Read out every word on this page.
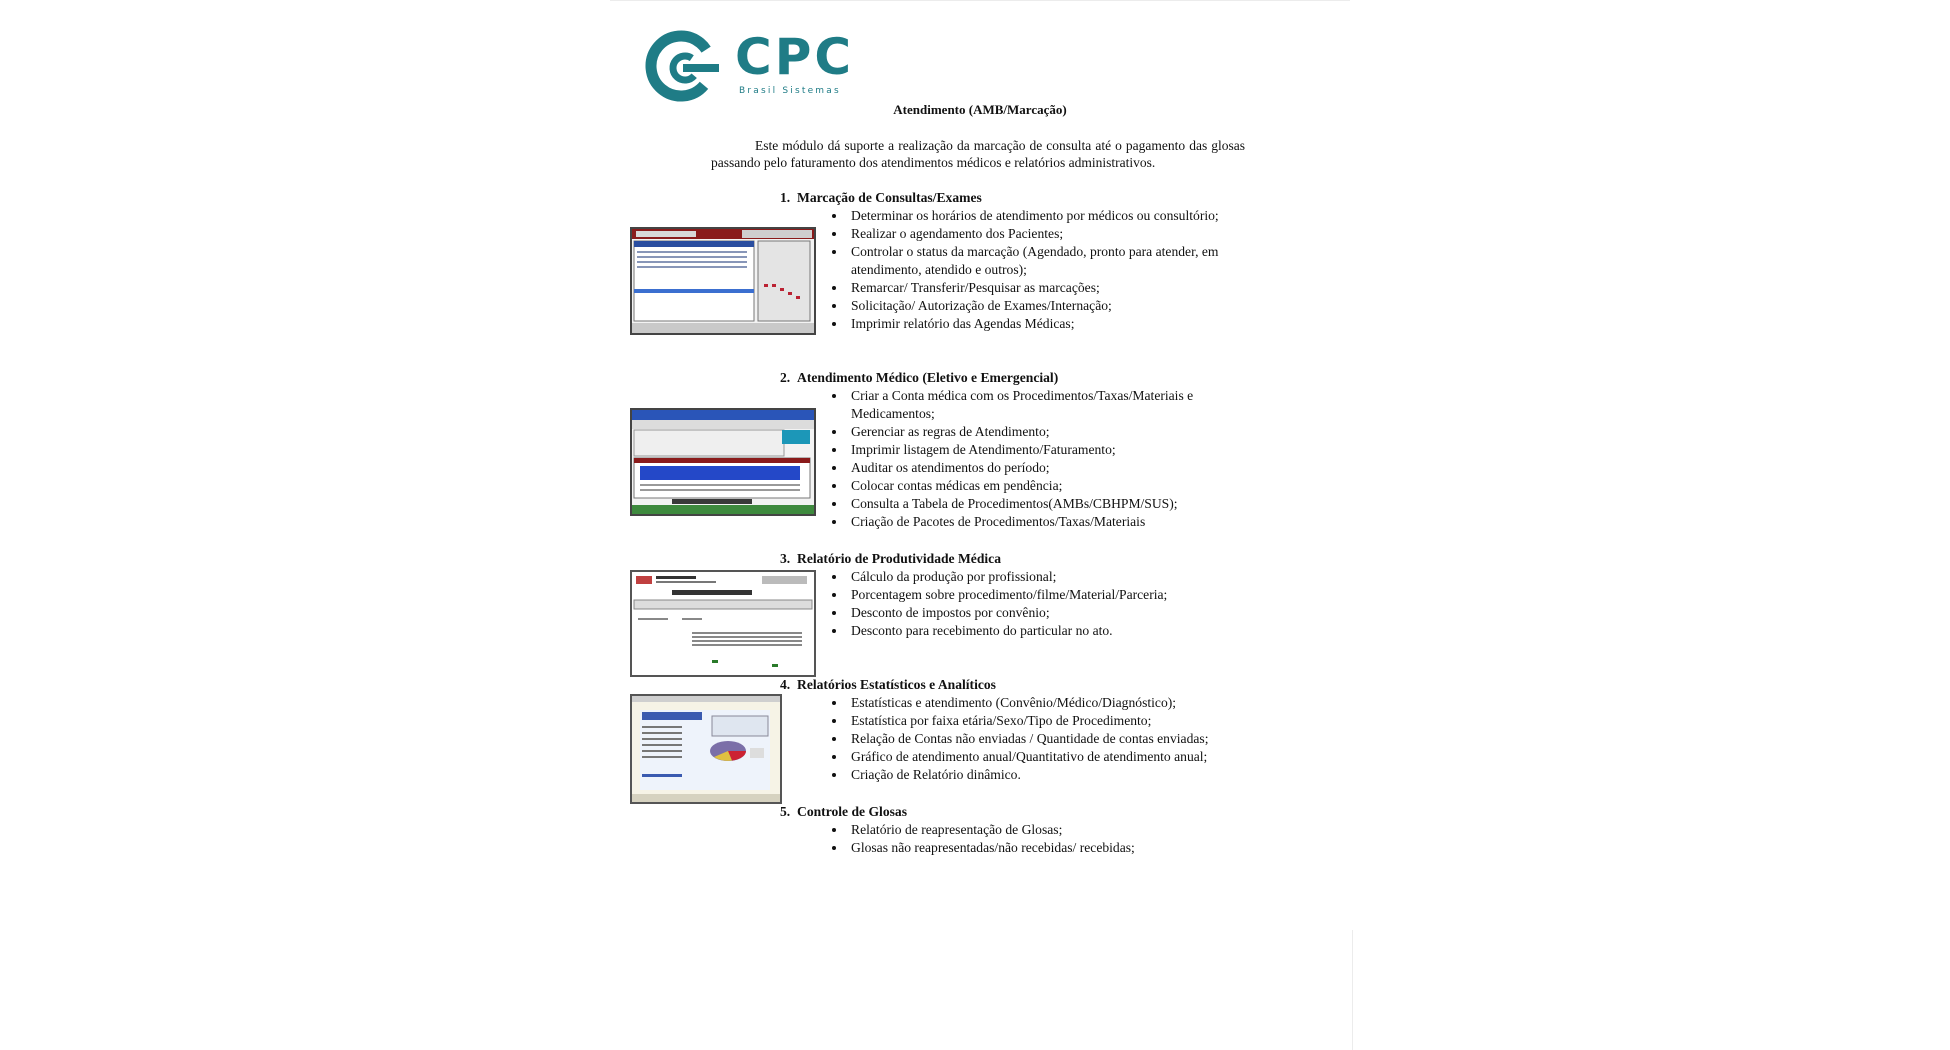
CPC
Brasil Sistemas
Atendimento (AMB/Marcação)
Este módulo dá suporte a realização da marcação de consulta até o pagamento das glosas passando pelo faturamento dos atendimentos médicos e relatórios administrativos.
1. Marcação de Consultas/Exames
• Determinar os horários de atendimento por médicos ou consultório;
• Realizar o agendamento dos Pacientes;
• Controlar o status da marcação (Agendado, pronto para atender, em atendimento, atendido e outros);
• Remarcar/ Transferir/Pesquisar as marcações;
• Solicitação/ Autorização de Exames/Internação;
• Imprimir relatório das Agendas Médicas;
2. Atendimento Médico (Eletivo e Emergencial)
• Criar a Conta médica com os Procedimentos/Taxas/Materiais e Medicamentos;
• Gerenciar as regras de Atendimento;
• Imprimir listagem de Atendimento/Faturamento;
• Auditar os atendimentos do período;
• Colocar contas médicas em pendência;
• Consulta a Tabela de Procedimentos(AMBs/CBHPM/SUS);
• Criação de Pacotes de Procedimentos/Taxas/Materiais
3. Relatório de Produtividade Médica
• Cálculo da produção por profissional;
• Porcentagem sobre procedimento/filme/Material/Parceria;
• Desconto de impostos por convênio;
• Desconto para recebimento do particular no ato.
4. Relatórios Estatísticos e Analíticos
• Estatísticas e atendimento (Convênio/Médico/Diagnóstico);
• Estatística por faixa etária/Sexo/Tipo de Procedimento;
• Relação de Contas não enviadas / Quantidade de contas enviadas;
• Gráfico de atendimento anual/Quantitativo de atendimento anual;
• Criação de Relatório dinâmico.
5. Controle de Glosas
• Relatório de reapresentação de Glosas;
• Glosas não reapresentadas/não recebidas/ recebidas;
